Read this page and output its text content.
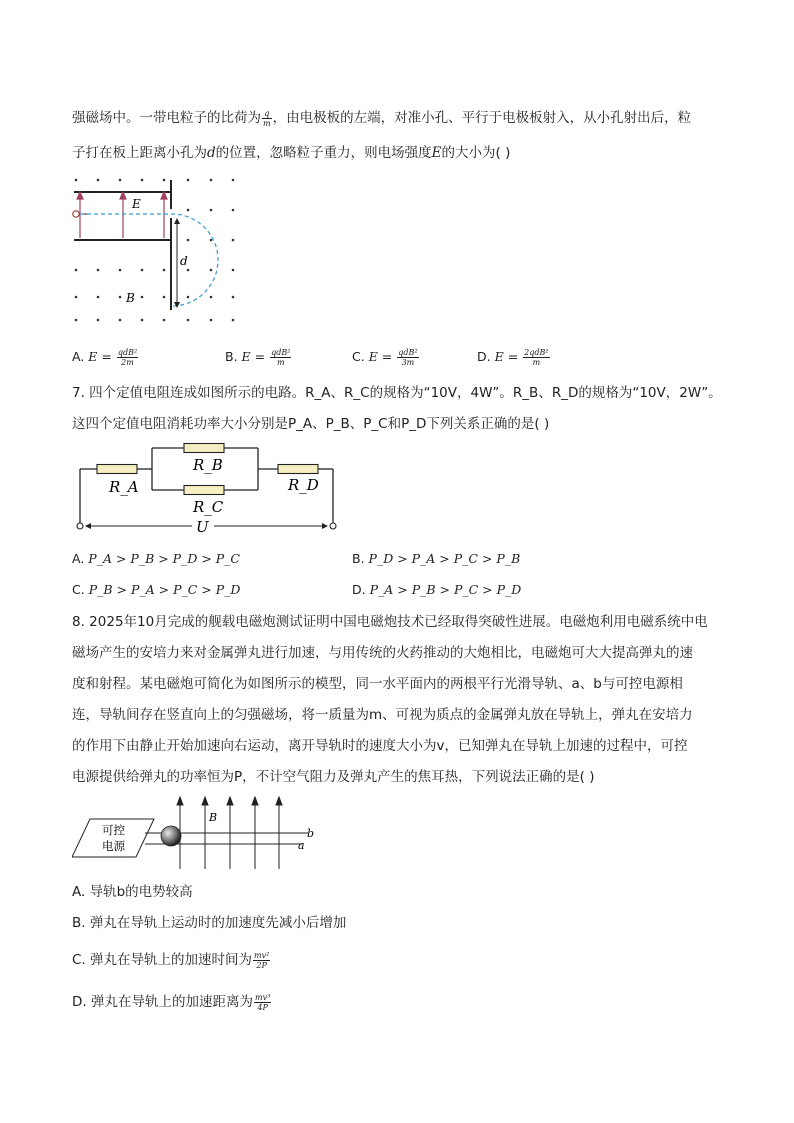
强磁场中。一带电粒子的比荷为 $\frac{q}{m}$ ，由电极板的左端，对准小孔、平行于电极板射入，从小孔射出后，粒
子打在板上距离小孔为d的位置，忽略粒子重力，则电场强度E的大小为( )
E
d
B
A. $E = \frac{\text{qdB²}}{2m}$	B. $E = \frac{\text{qdB²}}{m}$	C. $E = \frac{\text{qdB²}}{3m}$	D. $E = \frac{\text{2qdB²}}{m}$
7. 四个定值电阻连成如图所示的电路。R_A、R_C的规格为“10V，4W”。R_B、R_D的规格为“10V，2W”。
这四个定值电阻消耗功率大小分别是P_A、P_B、P_C和P_D下列关系正确的是( )
R_A
R_B
R_C
R_D
U
A. P_A > P_B > P_D > P_C	B. P_D > P_A > P_C > P_B
C. P_B > P_A > P_C > P_D	D. P_A > P_B > P_C > P_D
8. 2025年10月完成的舰载电磁炮测试证明中国电磁炮技术已经取得突破性进展。电磁炮利用电磁系统中电
磁场产生的安培力来对金属弹丸进行加速，与用传统的火药推动的大炮相比，电磁炮可大大提高弹丸的速
度和射程。某电磁炮可简化为如图所示的模型，同一水平面内的两根平行光滑导轨、a、b与可控电源相
连，导轨间存在竖直向上的匀强磁场，将一质量为m、可视为质点的金属弹丸放在导轨上，弹丸在安培力
的作用下由静止开始加速向右运动，离开导轨时的速度大小为v，已知弹丸在导轨上加速的过程中，可控
电源提供给弹丸的功率恒为P，不计空气阻力及弹丸产生的焦耳热，下列说法正确的是( )
可控
电源
B
b
a
A. 导轨b的电势较高
B. 弹丸在导轨上运动时的加速度先减小后增加
C. 弹丸在导轨上的加速时间为 $\frac{\text{mv²}}{2P}$
D. 弹丸在导轨上的加速距离为 $\frac{\text{mv³}}{4P}$
